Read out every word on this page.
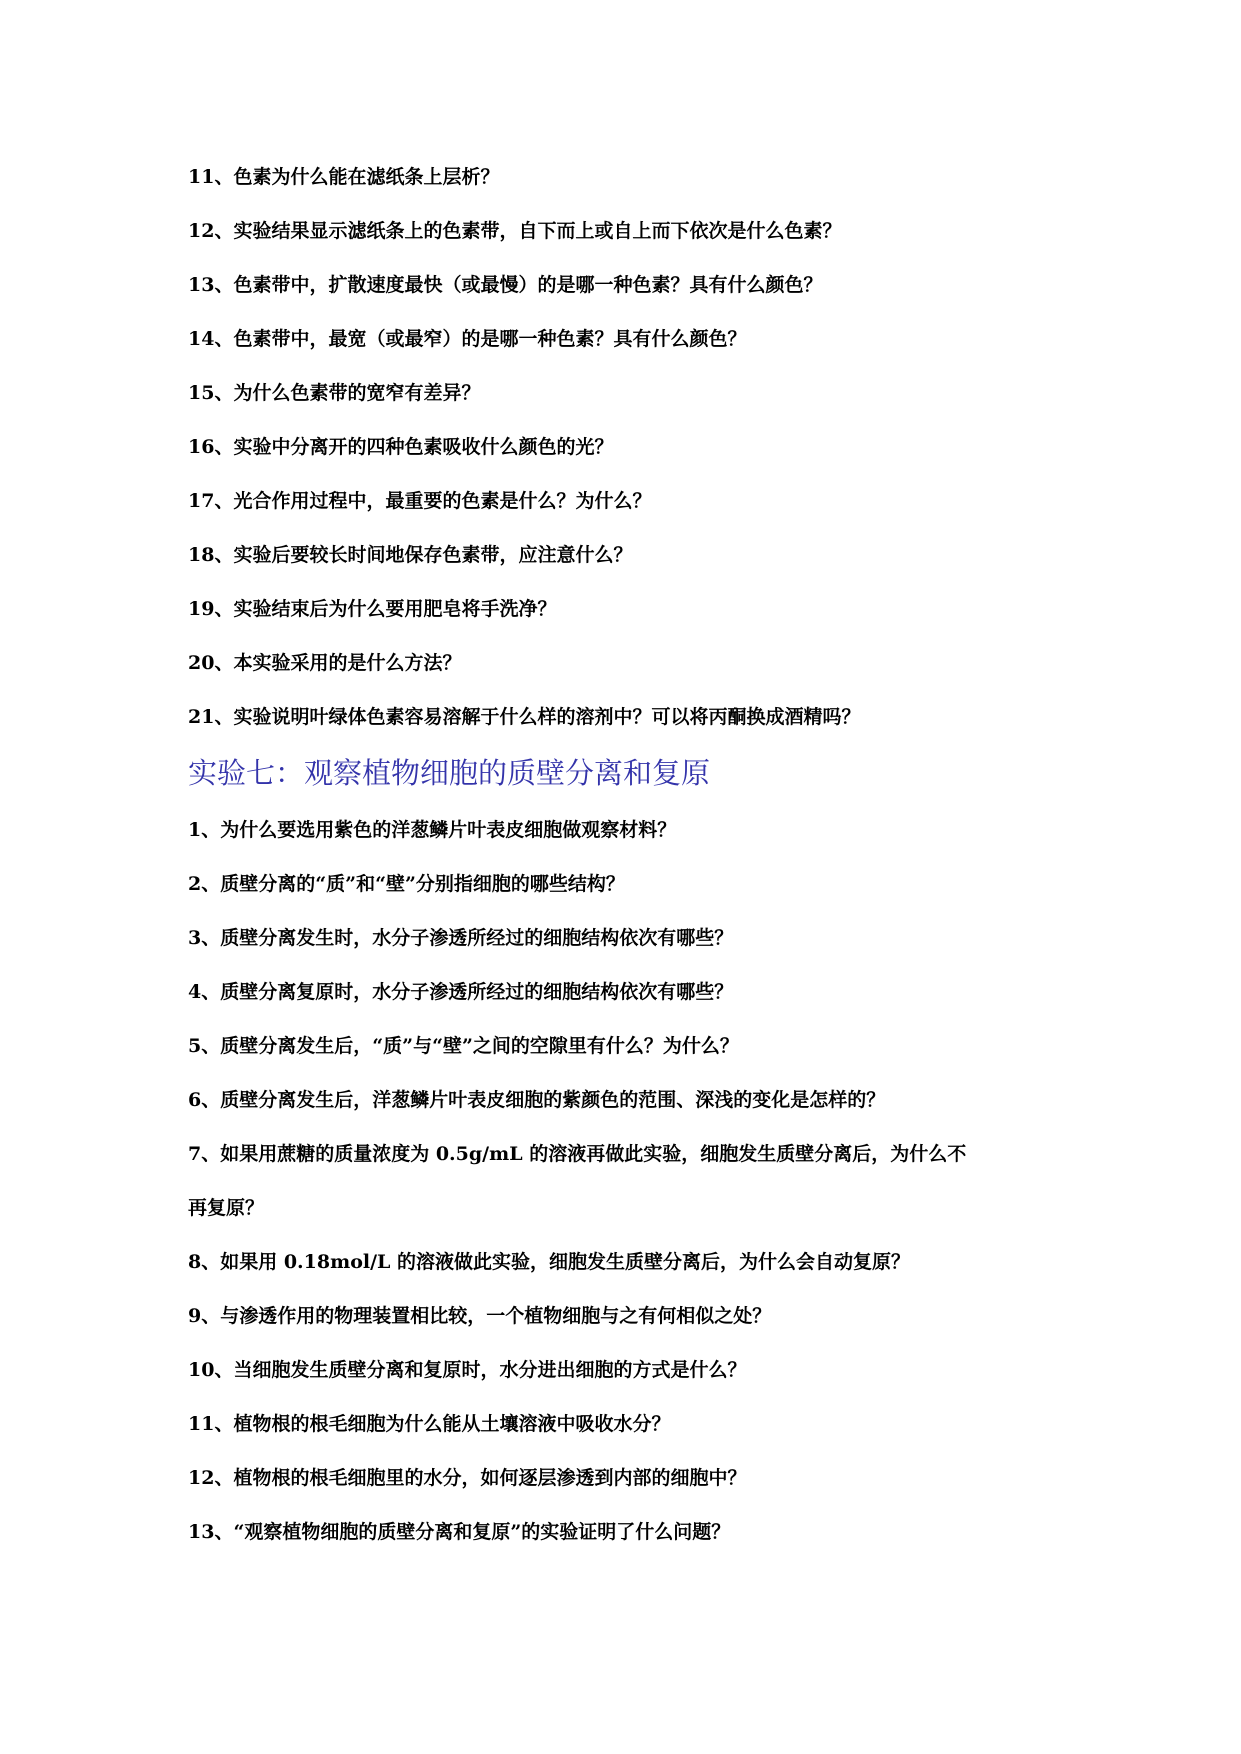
11、色素为什么能在滤纸条上层析？
12、实验结果显示滤纸条上的色素带，自下而上或自上而下依次是什么色素？
13、色素带中，扩散速度最快（或最慢）的是哪一种色素？具有什么颜色？
14、色素带中，最宽（或最窄）的是哪一种色素？具有什么颜色？
15、为什么色素带的宽窄有差异？
16、实验中分离开的四种色素吸收什么颜色的光？
17、光合作用过程中，最重要的色素是什么？为什么？
18、实验后要较长时间地保存色素带，应注意什么？
19、实验结束后为什么要用肥皂将手洗净？
20、本实验采用的是什么方法？
21、实验说明叶绿体色素容易溶解于什么样的溶剂中？可以将丙酮换成酒精吗？
实验七：观察植物细胞的质壁分离和复原
1、为什么要选用紫色的洋葱鳞片叶表皮细胞做观察材料？
2、质壁分离的“质”和“壁”分别指细胞的哪些结构？
3、质壁分离发生时，水分子渗透所经过的细胞结构依次有哪些？
4、质壁分离复原时，水分子渗透所经过的细胞结构依次有哪些？
5、质壁分离发生后，“质”与“壁”之间的空隙里有什么？为什么？
6、质壁分离发生后，洋葱鳞片叶表皮细胞的紫颜色的范围、深浅的变化是怎样的？
7、如果用蔗糖的质量浓度为 0.5g/mL 的溶液再做此实验，细胞发生质壁分离后，为什么不
再复原？
8、如果用 0.18mol/L 的溶液做此实验，细胞发生质壁分离后，为什么会自动复原？
9、与渗透作用的物理装置相比较，一个植物细胞与之有何相似之处？
10、当细胞发生质壁分离和复原时，水分进出细胞的方式是什么？
11、植物根的根毛细胞为什么能从土壤溶液中吸收水分？
12、植物根的根毛细胞里的水分，如何逐层渗透到内部的细胞中？
13、“观察植物细胞的质壁分离和复原”的实验证明了什么问题？
